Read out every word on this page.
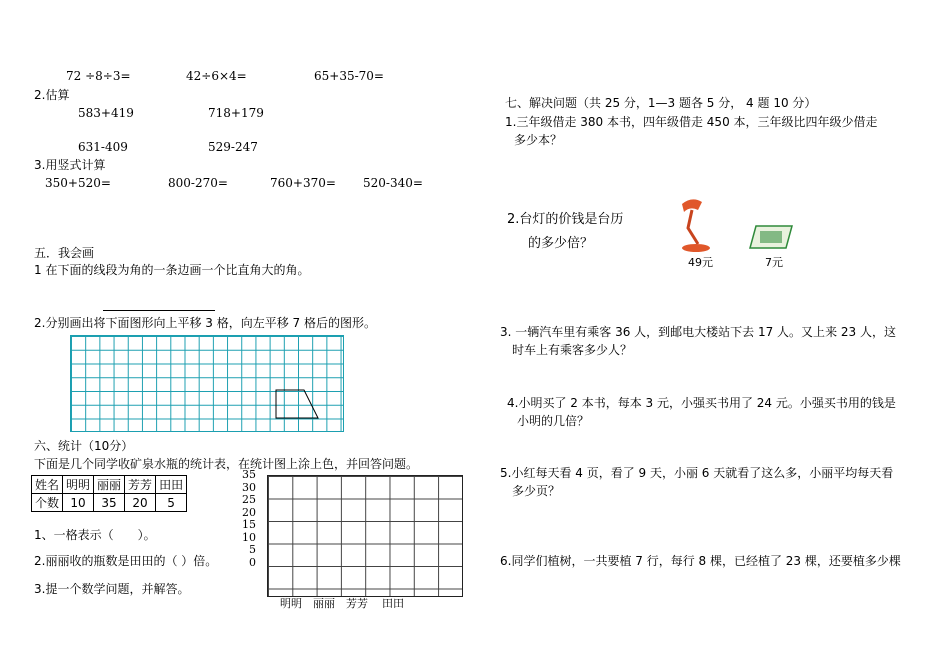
72 ÷8÷3=	42÷6×4=	65+35-70=
2.估算
583+419	718+179
631-409	529-247
3.用竖式计算
350+520=	800-270=	760+370= 520-340=
五．我会画
1 在下面的线段为角的一条边画一个比直角大的角。
2.分别画出将下面图形向上平移 3 格，向左平移 7 格后的图形。
六、统计（10分）
下面是几个同学收矿泉水瓶的统计表，在统计图上涂上色，并回答问题。
姓名	明明	丽丽	芳芳	田田
个数	10	35	20	5
1、一格表示（　　）。
2.丽丽收的瓶数是田田的（ ）倍。
3.提一个数学问题，并解答。
35
30
25
20
15
10
5
0
明明 丽丽 芳芳 田田
七、解决问题（共 25 分，1—3 题各 5 分， 4 题 10 分）
1.三年级借走 380 本书，四年级借走 450 本，三年级比四年级少借走
多少本？
2.台灯的价钱是台历
的多少倍？
49元	7元
3. 一辆汽车里有乘客 36 人，到邮电大楼站下去 17 人。又上来 23 人，这
时车上有乘客多少人？
4.小明买了 2 本书，每本 3 元，小强买书用了 24 元。小强买书用的钱是
小明的几倍？
5.小红每天看 4 页，看了 9 天，小丽 6 天就看了这么多，小丽平均每天看
多少页？
6.同学们植树，一共要植 7 行，每行 8 棵，已经植了 23 棵，还要植多少棵
